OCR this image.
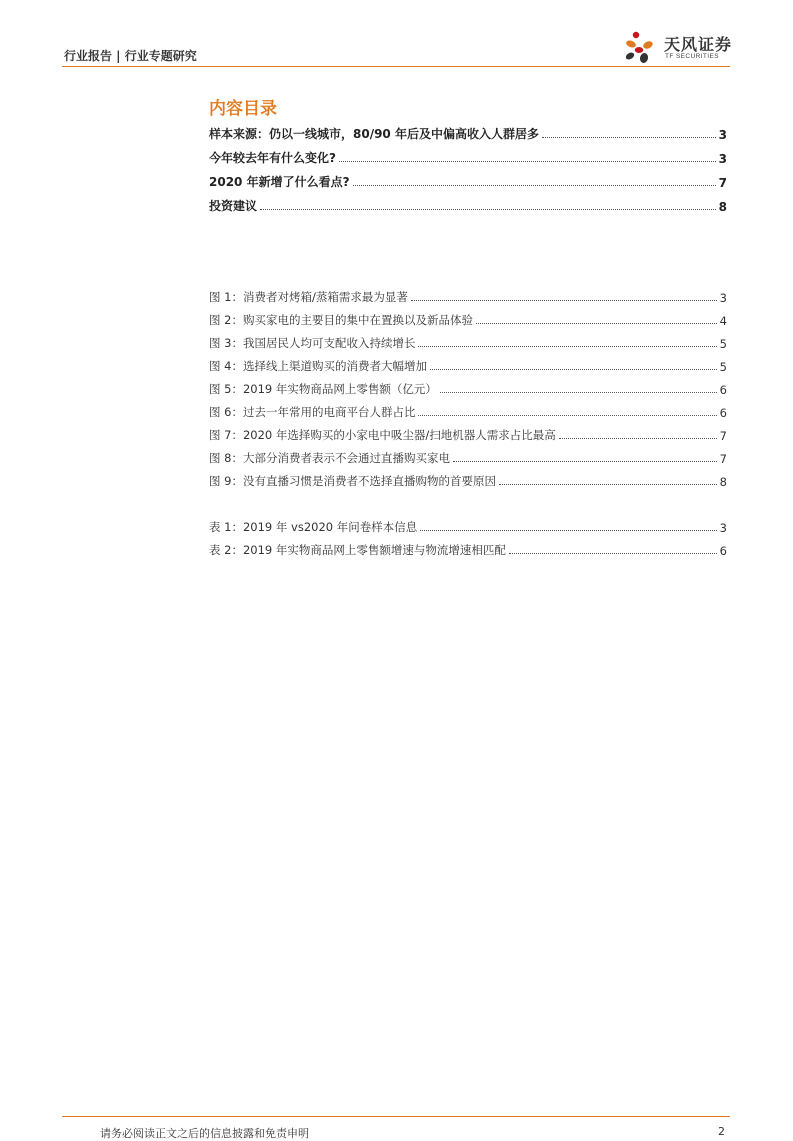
行业报告 | 行业专题研究
天风证券
TF SECURITIES
内容目录
样本来源：仍以一线城市，80/90 年后及中偏高收入人群居多	3
今年较去年有什么变化?	3
2020 年新增了什么看点?	7
投资建议	8
图 1：消费者对烤箱/蒸箱需求最为显著	3
图 2：购买家电的主要目的集中在置换以及新品体验	4
图 3：我国居民人均可支配收入持续增长	5
图 4：选择线上渠道购买的消费者大幅增加	5
图 5：2019 年实物商品网上零售额（亿元）	6
图 6：过去一年常用的电商平台人群占比	6
图 7：2020 年选择购买的小家电中吸尘器/扫地机器人需求占比最高	7
图 8：大部分消费者表示不会通过直播购买家电	7
图 9：没有直播习惯是消费者不选择直播购物的首要原因	8
表 1：2019 年 vs2020 年问卷样本信息	3
表 2：2019 年实物商品网上零售额增速与物流增速相匹配	6
请务必阅读正文之后的信息披露和免责申明	2
